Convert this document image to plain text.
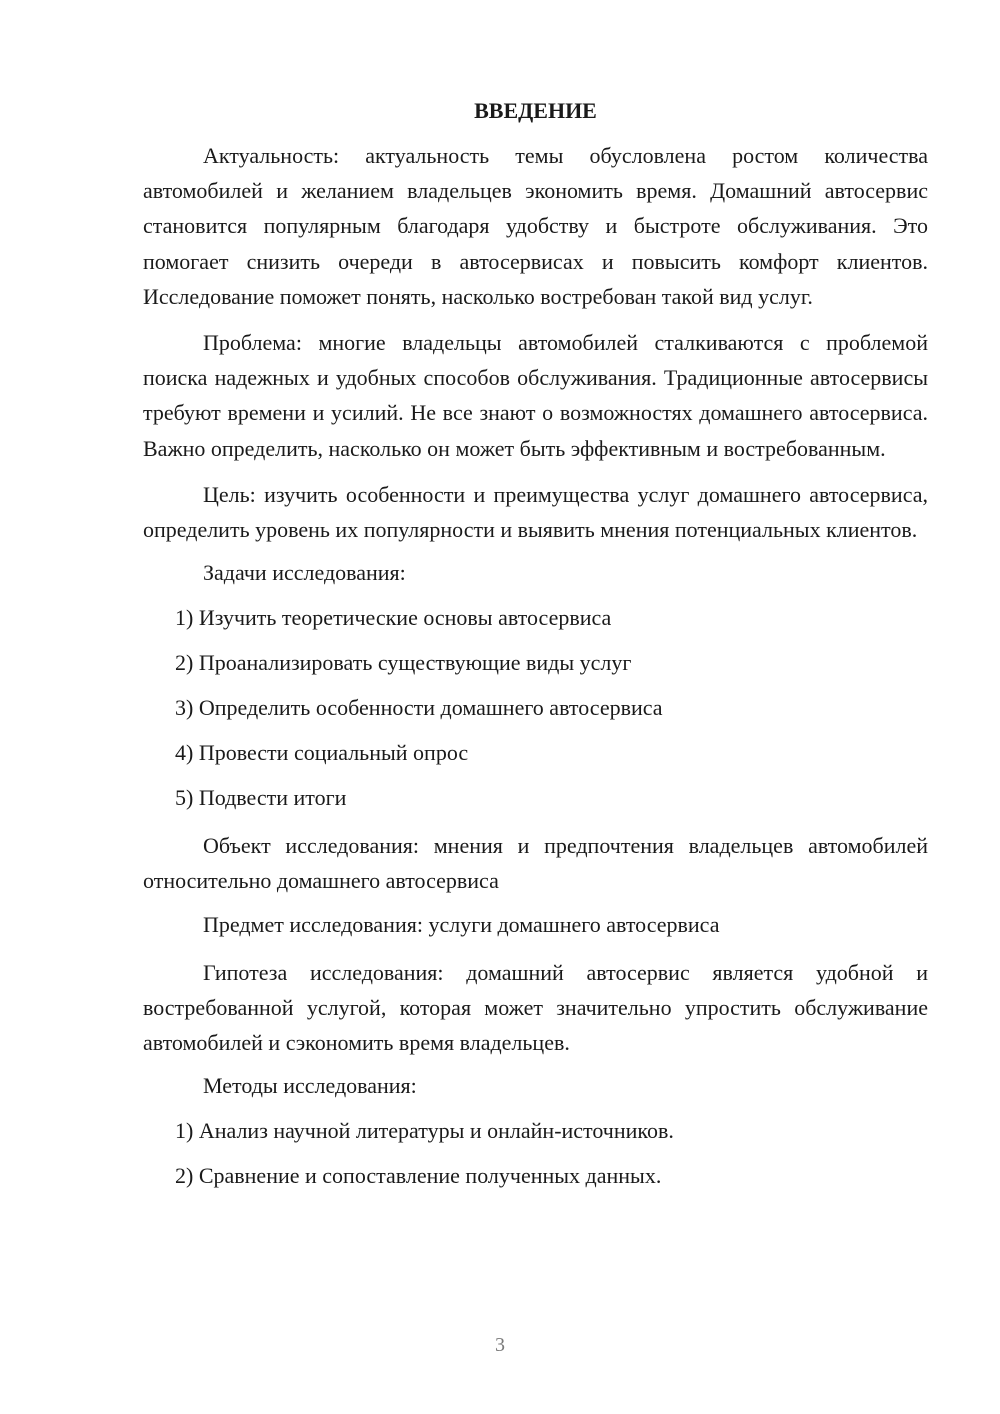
ВВЕДЕНИЕ

Актуальность: актуальность темы обусловлена ростом количества автомобилей и желанием владельцев экономить время. Домашний автосервис становится популярным благодаря удобству и быстроте обслуживания. Это помогает снизить очереди в автосервисах и повысить комфорт клиентов. Исследование поможет понять, насколько востребован такой вид услуг.

Проблема: многие владельцы автомобилей сталкиваются с проблемой поиска надежных и удобных способов обслуживания. Традиционные автосервисы требуют времени и усилий. Не все знают о возможностях домашнего автосервиса. Важно определить, насколько он может быть эффективным и востребованным.

Цель: изучить особенности и преимущества услуг домашнего автосервиса, определить уровень их популярности и выявить мнения потенциальных клиентов.

Задачи исследования:

1) Изучить теоретические основы автосервиса
2) Проанализировать существующие виды услуг
3) Определить особенности домашнего автосервиса
4) Провести социальный опрос
5) Подвести итоги

Объект исследования: мнения и предпочтения владельцев автомобилей относительно домашнего автосервиса

Предмет исследования: услуги домашнего автосервиса

Гипотеза исследования: домашний автосервис является удобной и востребованной услугой, которая может значительно упростить обслуживание автомобилей и сэкономить время владельцев.

Методы исследования:

1) Анализ научной литературы и онлайн-источников.
2) Сравнение и сопоставление полученных данных.
3
